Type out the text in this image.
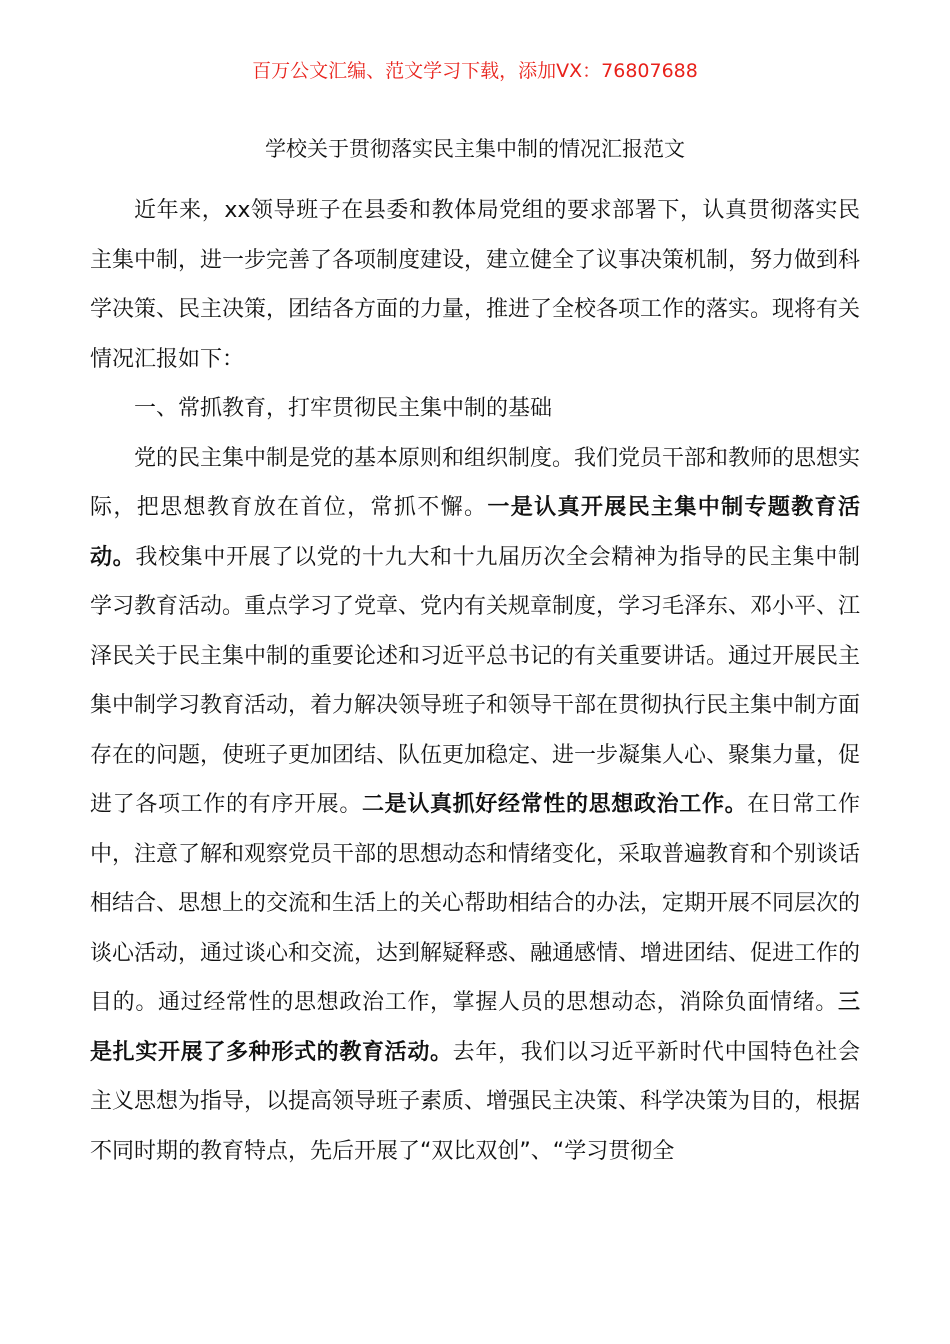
百万公文汇编、范文学习下载，添加VX：76807688
学校关于贯彻落实民主集中制的情况汇报范文

近年来，xx领导班子在县委和教体局党组的要求部署下，认真贯彻落实民主集中制，进一步完善了各项制度建设，建立健全了议事决策机制，努力做到科学决策、民主决策，团结各方面的力量，推进了全校各项工作的落实。现将有关情况汇报如下：

一、常抓教育，打牢贯彻民主集中制的基础

党的民主集中制是党的基本原则和组织制度。我们党员干部和教师的思想实际，把思想教育放在首位，常抓不懈。一是认真开展民主集中制专题教育活动。我校集中开展了以党的十九大和十九届历次全会精神为指导的民主集中制学习教育活动。重点学习了党章、党内有关规章制度，学习毛泽东、邓小平、江泽民关于民主集中制的重要论述和习近平总书记的有关重要讲话。通过开展民主集中制学习教育活动，着力解决领导班子和领导干部在贯彻执行民主集中制方面存在的问题，使班子更加团结、队伍更加稳定、进一步凝集人心、聚集力量，促进了各项工作的有序开展。二是认真抓好经常性的思想政治工作。在日常工作中，注意了解和观察党员干部的思想动态和情绪变化，采取普遍教育和个别谈话相结合、思想上的交流和生活上的关心帮助相结合的办法，定期开展不同层次的谈心活动，通过谈心和交流，达到解疑释惑、融通感情、增进团结、促进工作的目的。通过经常性的思想政治工作，掌握人员的思想动态，消除负面情绪。三是扎实开展了多种形式的教育活动。去年，我们以习近平新时代中国特色社会主义思想为指导，以提高领导班子素质、增强民主决策、科学决策为目的，根据不同时期的教育特点，先后开展了“双比双创”、“学习贯彻全
